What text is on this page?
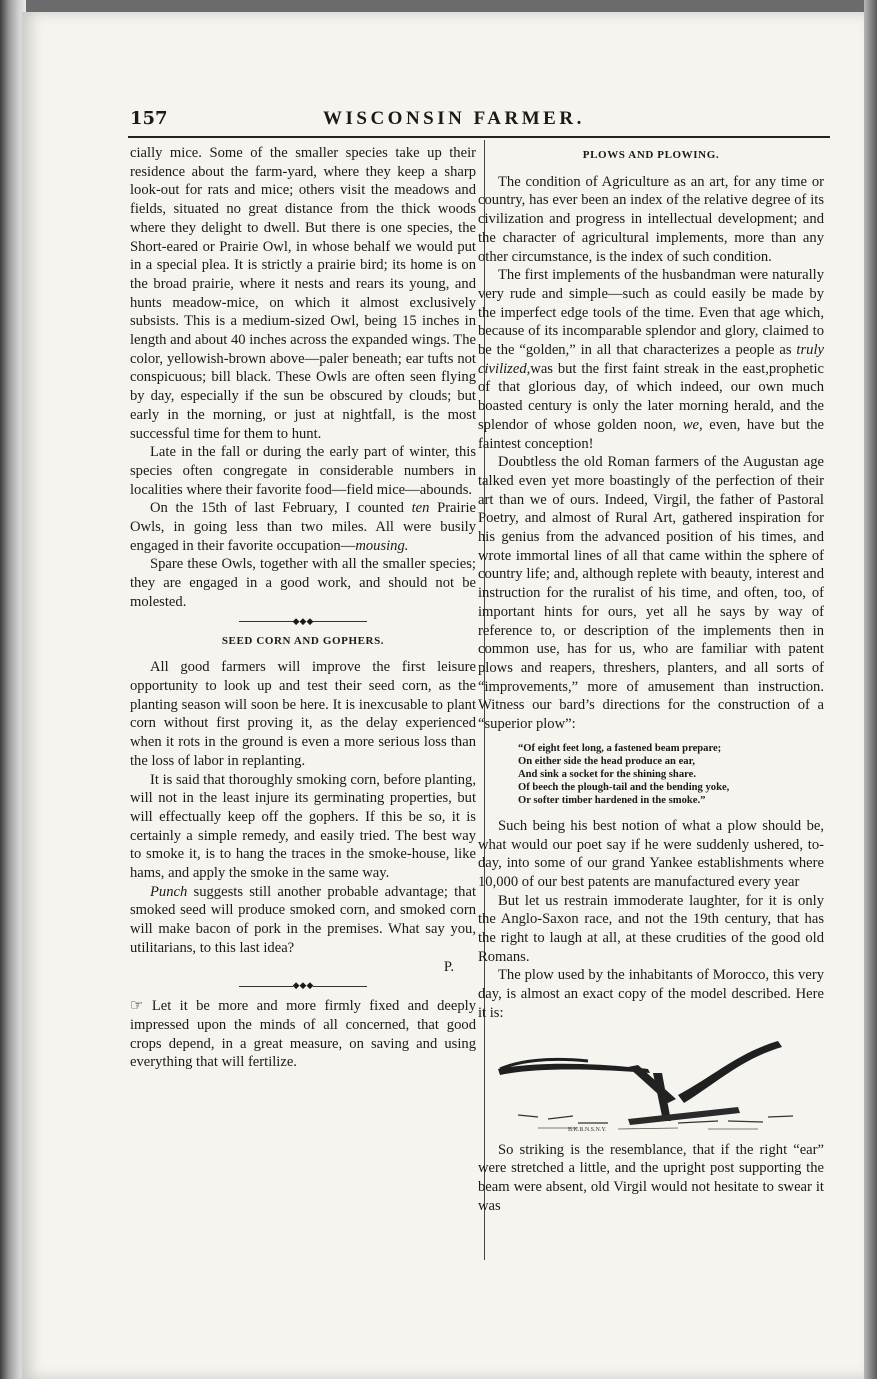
157	WISCONSIN FARMER.

cially mice. Some of the smaller species take up their residence about the farm-yard, where they keep a sharp look-out for rats and mice; others visit the meadows and fields, situated no great distance from the thick woods where they delight to dwell. But there is one species, the Short-eared or Prairie Owl, in whose behalf we would put in a special plea. It is strictly a prairie bird; its home is on the broad prairie, where it nests and rears its young, and hunts meadow-mice, on which it almost exclusively subsists. This is a medium-sized Owl, being 15 inches in length and about 40 inches across the expanded wings. The color, yellowish-brown above—paler beneath; ear tufts not conspicuous; bill black. These Owls are often seen flying by day, especially if the sun be obscured by clouds; but early in the morning, or just at nightfall, is the most successful time for them to hunt.

Late in the fall or during the early part of winter, this species often congregate in considerable numbers in localities where their favorite food—field mice—abounds.

On the 15th of last February, I counted ten Prairie Owls, in going less than two miles. All were busily engaged in their favorite occupation—mousing.

Spare these Owls, together with all the smaller species; they are engaged in a good work, and should not be molested.

◆◆◆
SEED CORN AND GOPHERS.

All good farmers will improve the first leisure opportunity to look up and test their seed corn, as the planting season will soon be here. It is inexcusable to plant corn without first proving it, as the delay experienced when it rots in the ground is even a more serious loss than the loss of labor in replanting.

It is said that thoroughly smoking corn, before planting, will not in the least injure its germinating properties, but will effectually keep off the gophers. If this be so, it is certainly a simple remedy, and easily tried. The best way to smoke it, is to hang the traces in the smoke-house, like hams, and apply the smoke in the same way.

Punch suggests still another probable advantage; that smoked seed will produce smoked corn, and smoked corn will make bacon of pork in the premises. What say you, utilitarians, to this last idea?

P.
◆◆◆

☞ Let it be more and more firmly fixed and deeply impressed upon the minds of all concerned, that good crops depend, in a great measure, on saving and using everything that will fertilize.

PLOWS AND PLOWING.

The condition of Agriculture as an art, for any time or country, has ever been an index of the relative degree of its civilization and progress in intellectual development; and the character of agricultural implements, more than any other circumstance, is the index of such condition.

The first implements of the husbandman were naturally very rude and simple—such as could easily be made by the imperfect edge tools of the time. Even that age which, because of its incomparable splendor and glory, claimed to be the “golden,” in all that characterizes a people as truly civilized,was but the first faint streak in the east,prophetic of that glorious day, of which indeed, our own much boasted century is only the later morning herald, and the splendor of whose golden noon, we, even, have but the faintest conception!

Doubtless the old Roman farmers of the Augustan age talked even yet more boastingly of the perfection of their art than we of ours. Indeed, Virgil, the father of Pastoral Poetry, and almost of Rural Art, gathered inspiration for his genius from the advanced position of his times, and wrote immortal lines of all that came within the sphere of country life; and, although replete with beauty, interest and instruction for the ruralist of his time, and often, too, of important hints for ours, yet all he says by way of reference to, or description of the implements then in common use, has for us, who are familiar with patent plows and reapers, threshers, planters, and all sorts of “improvements,” more of amusement than instruction. Witness our bard’s directions for the construction of a “superior plow”:

“Of eight feet long, a fastened beam prepare;
On either side the head produce an ear,
And sink a socket for the shining share.
Of beech the plough-tail and the bending yoke,
Or softer timber hardened in the smoke.”

Such being his best notion of what a plow should be, what would our poet say if he were suddenly ushered, to-day, into some of our grand Yankee establishments where 10,000 of our best patents are manufactured every year

But let us restrain immoderate laughter, for it is only the Anglo-Saxon race, and not the 19th century, that has the right to laugh at all, at these crudities of the good old Romans.

The plow used by the inhabitants of Morocco, this very day, is almost an exact copy of the model described. Here it is:

B.K.B.N.S.N.Y.

So striking is the resemblance, that if the right “ear” were stretched a little, and the upright post supporting the beam were absent, old Virgil would not hesitate to swear it was
